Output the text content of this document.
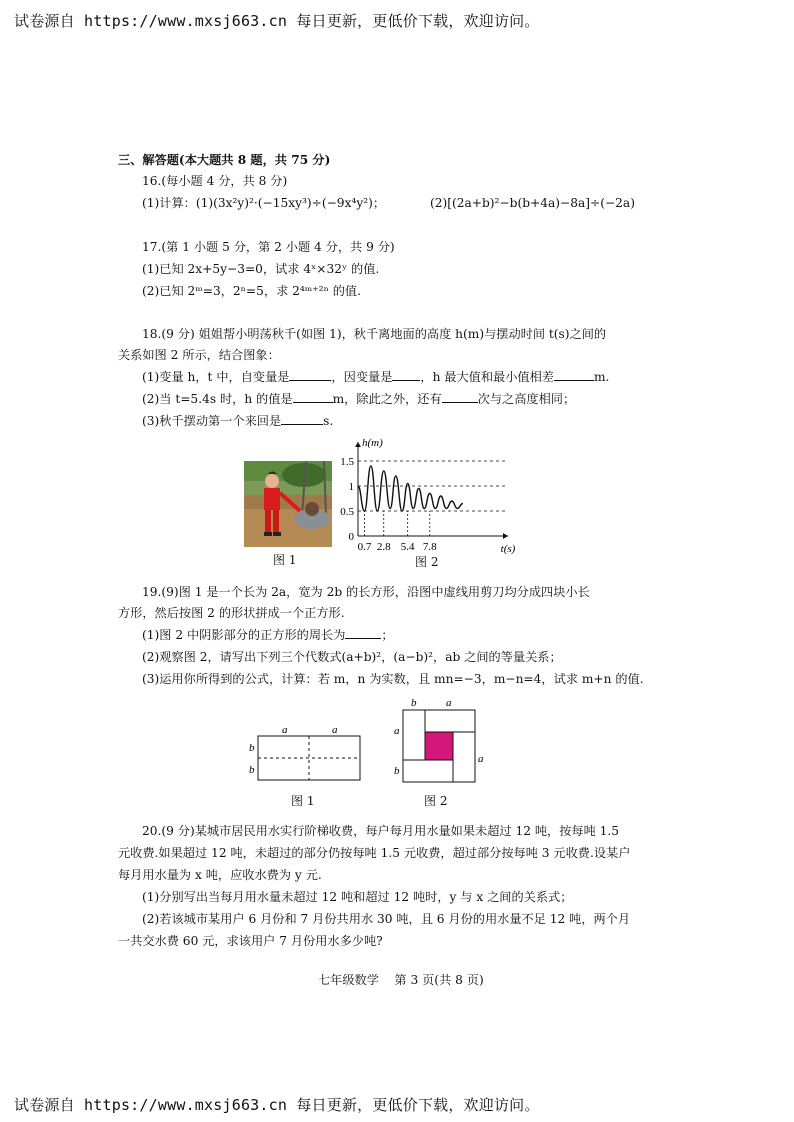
试卷源自 https://www.mxsj663.cn 每日更新，更低价下载，欢迎访问。
三、解答题(本大题共 8 题，共 75 分)
16.(每小题 4 分，共 8 分)
(1)计算：(1)(3x²y)²·(−15xy³)÷(−9x⁴y²)；	(2)[(2a+b)²−b(b+4a)−8a]÷(−2a)
17.(第 1 小题 5 分，第 2 小题 4 分，共 9 分)
(1)已知 2x+5y−3=0，试求 4ˣ×32ʸ 的值.
(2)已知 2ᵐ=3，2ⁿ=5，求 2⁴ᵐ⁺²ⁿ 的值.
18.(9 分) 姐姐帮小明荡秋千(如图 1)，秋千离地面的高度 h(m)与摆动时间 t(s)之间的
关系如图 2 所示，结合图象：
(1)变量 h，t 中，自变量是	，因变量是 ，h 最大值和最小值相差	m.
(2)当 t=5.4s 时，h 的值是	m，除此之外，还有	次与之高度相同；
(3)秋千摆动第一个来回是	s.
图 1
1.5
1
0.5
0
0.7 2.8 5.4 7.8
h(m)
t(s)
图 2
19.(9)图 1 是一个长为 2a，宽为 2b 的长方形，沿图中虚线用剪刀均分成四块小长
方形，然后按图 2 的形状拼成一个正方形.
(1)图 2 中阴影部分的正方形的周长为	；
(2)观察图 2，请写出下列三个代数式(a+b)²，(a−b)²，ab 之间的等量关系；
(3)运用你所得到的公式，计算：若 m，n 为实数，且 mn=−3，m−n=4，试求 m+n 的值.
a	a
b
b
图 1
b	a
a
b
a
图 2
20.(9 分)某城市居民用水实行阶梯收费，每户每月用水量如果未超过 12 吨，按每吨 1.5
元收费.如果超过 12 吨，未超过的部分仍按每吨 1.5 元收费，超过部分按每吨 3 元收费.设某户
每月用水量为 x 吨，应收水费为 y 元.
(1)分别写出当每月用水量未超过 12 吨和超过 12 吨时，y 与 x 之间的关系式；
(2)若该城市某用户 6 月份和 7 月份共用水 30 吨，且 6 月份的用水量不足 12 吨，两个月
一共交水费 60 元，求该用户 7 月份用水多少吨?
七年级数学    第 3 页(共 8 页)
试卷源自 https://www.mxsj663.cn 每日更新，更低价下载，欢迎访问。
